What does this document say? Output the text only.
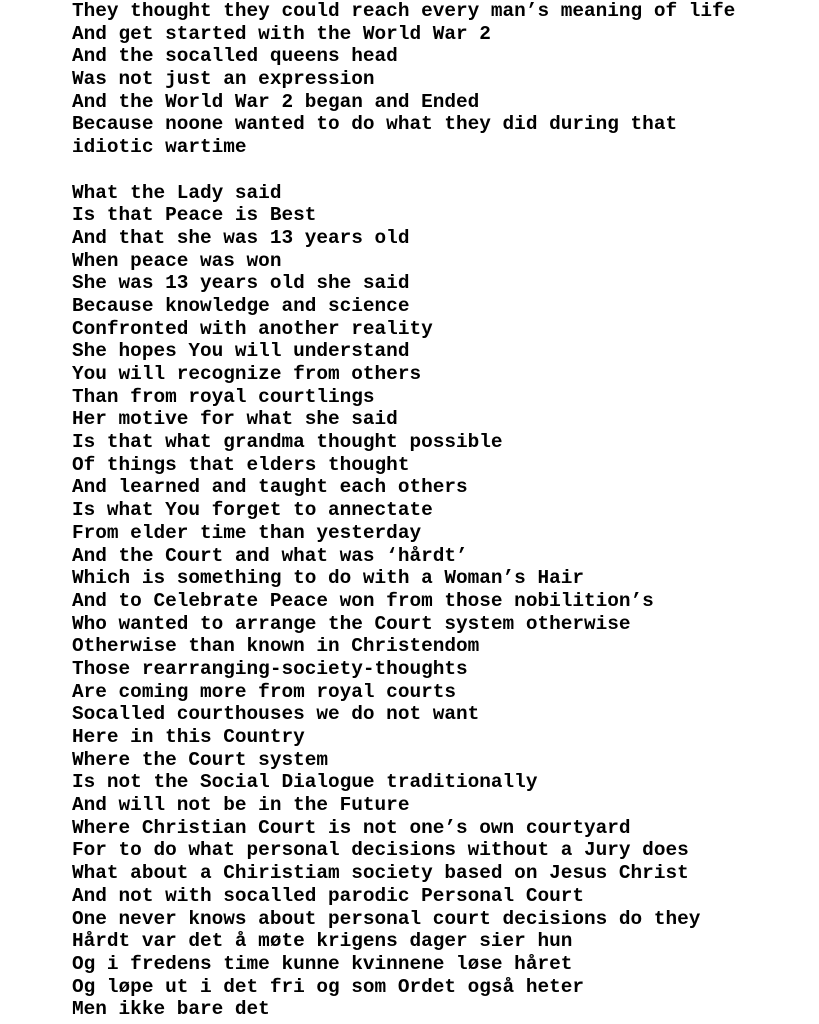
They thought they could reach every man’s meaning of life
And get started with the World War 2
And the socalled queens head
Was not just an expression
And the World War 2 began and Ended
Because noone wanted to do what they did during that
idiotic wartime
What the Lady said
Is that Peace is Best
And that she was 13 years old
When peace was won
She was 13 years old she said
Because knowledge and science
Confronted with another reality
She hopes You will understand
You will recognize from others
Than from royal courtlings
Her motive for what she said
Is that what grandma thought possible
Of things that elders thought
And learned and taught each others
Is what You forget to annectate
From elder time than yesterday
And the Court and what was ‘hårdt’
Which is something to do with a Woman’s Hair
And to Celebrate Peace won from those nobilition’s
Who wanted to arrange the Court system otherwise
Otherwise than known in Christendom
Those rearranging-society-thoughts
Are coming more from royal courts
Socalled courthouses we do not want
Here in this Country
Where the Court system
Is not the Social Dialogue traditionally
And will not be in the Future
Where Christian Court is not one’s own courtyard
For to do what personal decisions without a Jury does
What about a Chiristiam society based on Jesus Christ
And not with socalled parodic Personal Court
One never knows about personal court decisions do they
Hårdt var det å møte krigens dager sier hun
Og i fredens time kunne kvinnene løse håret
Og løpe ut i det fri og som Ordet også heter
Men ikke bare det
